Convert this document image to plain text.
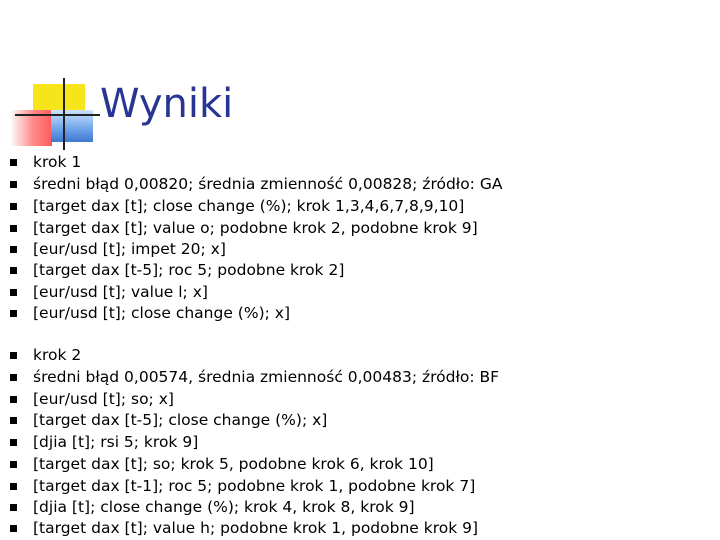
Wyniki
krok 1
średni błąd 0,00820; średnia zmienność 0,00828; źródło: GA
[target dax [t]; close change (%); krok 1,3,4,6,7,8,9,10]
[target dax [t]; value o; podobne krok 2, podobne krok 9]
[eur/usd [t]; impet 20; x]
[target dax [t-5]; roc 5; podobne krok 2]
[eur/usd [t]; value l; x]
[eur/usd [t]; close change (%); x]
krok 2
średni błąd 0,00574, średnia zmienność 0,00483; źródło: BF
[eur/usd [t]; so; x]
[target dax [t-5]; close change (%); x]
[djia [t]; rsi 5; krok 9]
[target dax [t]; so; krok 5, podobne krok 6, krok 10]
[target dax [t-1]; roc 5; podobne krok 1, podobne krok 7]
[djia [t]; close change (%); krok 4, krok 8, krok 9]
[target dax [t]; value h; podobne krok 1, podobne krok 9]
